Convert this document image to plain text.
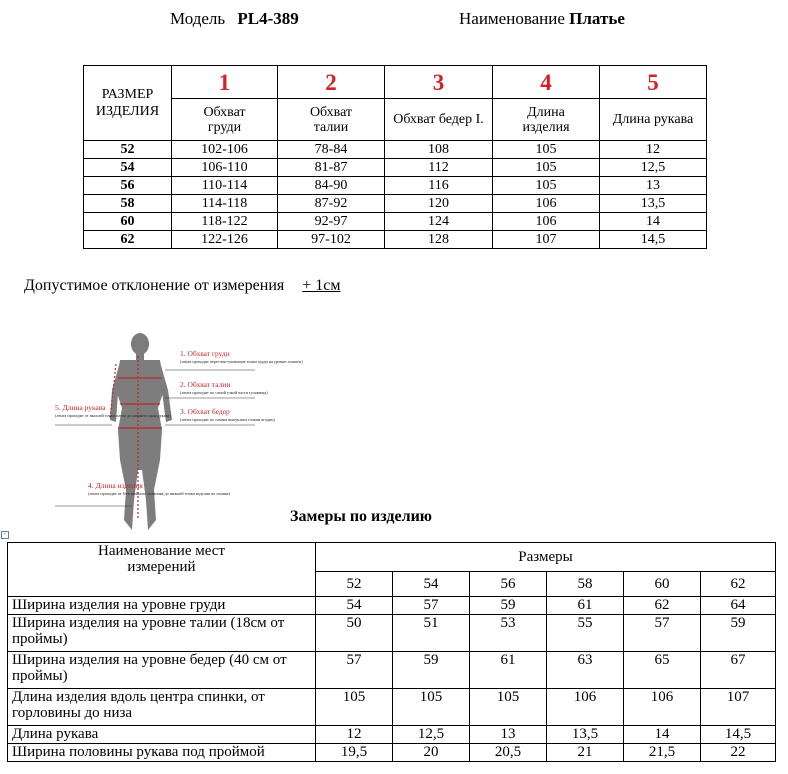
Модель PL4-389	Наименование Платье
РАЗМЕР ИЗДЕЛИЯ	1	2	3	4	5
	Обхват груди	Обхват талии	Обхват бедер I.	Длина изделия	Длина рукава
52	102-106	78-84	108	105	12
54	106-110	81-87	112	105	12,5
56	110-114	84-90	116	105	13
58	114-118	87-92	120	106	13,5
60	118-122	92-97	124	106	14
62	122-126	97-102	128	107	14,5
Допустимое отклонение от измерения + 1см
1. Обхват груди
(лента проходит через выступающие точки груди на уровне лопаток)
2. Обхват талии
(лента проходит по самой узкой части туловища)
3. Обхват бедер
(лента проходит по самым выпуклым точкам ягодиц)
5. Длина рукава
(лента проходит от высшей точки плеча до нижнего края рукава)
4. Длина изделия
(лента проходит от 6-го шейного позвонка до нижней точки изделия по спинке)
Замеры по изделию
+
Наименование мест измерений	Размеры					
	52	54	56	58	60	62
Ширина изделия на уровне груди	54	57	59	61	62	64
Ширина изделия на уровне талии (18см от проймы)	50	51	53	55	57	59
Ширина изделия на уровне бедер (40 см от проймы)	57	59	61	63	65	67
Длина изделия вдоль центра спинки, от горловины до низа	105	105	105	106	106	107
Длина рукава	12	12,5	13	13,5	14	14,5
Ширина половины рукава под проймой	19,5	20	20,5	21	21,5	22
